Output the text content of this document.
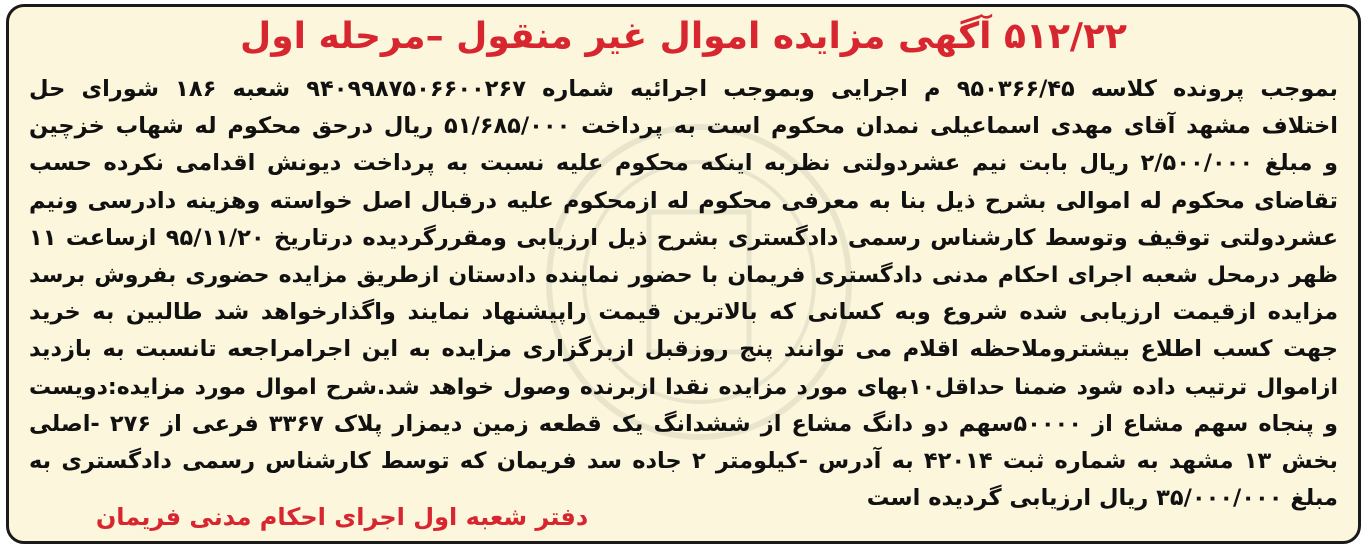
۵۱۲/۲۲ آگهی مزایده اموال غیر منقول –مرحله اول
بموجب پرونده کلاسه ۹۵۰۳۶۶/۴۵ م اجرایی وبموجب اجرائیه شماره ۹۴۰۹۹۸۷۵۰۶۶۰۰۲۶۷ شعبه ۱۸۶ شورای حل
اختلاف مشهد آقای مهدی اسماعیلی نمدان محکوم است به پرداخت ۵۱/۶۸۵/۰۰۰ ریال درحق محکوم له شهاب خزچین
و مبلغ ۲/۵۰۰/۰۰۰ ریال بابت نیم عشردولتی نظربه اینکه محکوم علیه نسبت به پرداخت دیونش اقدامی نکرده حسب
تقاضای محکوم له اموالی بشرح ذیل بنا به معرفی محکوم له ازمحکوم علیه درقبال اصل خواسته وهزینه دادرسی ونیم
عشردولتی توقیف وتوسط کارشناس رسمی دادگستری بشرح ذیل ارزیابی ومقررگردیده درتاریخ ۹۵/۱۱/۲۰ ازساعت ۱۱
ظهر درمحل شعبه اجرای احکام مدنی دادگستری فریمان با حضور نماینده دادستان ازطریق مزایده حضوری بفروش برسد
مزایده ازقیمت ارزیابی شده شروع وبه کسانی که بالاترین قیمت راپیشنهاد نمایند واگذارخواهد شد طالبین به خرید
جهت کسب اطلاع بیشترو‌ملاحظه اقلام می توانند پنج روزقبل ازبرگزاری مزایده به این اجرامراجعه تانسبت به بازدید
ازاموال ترتیب داده شود ضمنا حداقل۱۰بهای مورد مزایده نقدا ازبرنده وصول خواهد شد.شرح اموال مورد مزایده:دویست
و پنجاه سهم مشاع از ۵۰۰۰۰سهم دو دانگ مشاع از ششدانگ یک قطعه زمین دیمزار پلاک ۳۳۶۷ فرعی از ۲۷۶ -اصلی
بخش ۱۳ مشهد به شماره ثبت ۴۲۰۱۴ به آدرس -کیلومتر ۲ جاده سد فریمان که توسط کارشناس رسمی دادگستری به
مبلغ ۳۵/۰۰۰/۰۰۰ ریال ارزیابی گردیده است
دفتر شعبه اول اجرای احکام مدنی فریمان
